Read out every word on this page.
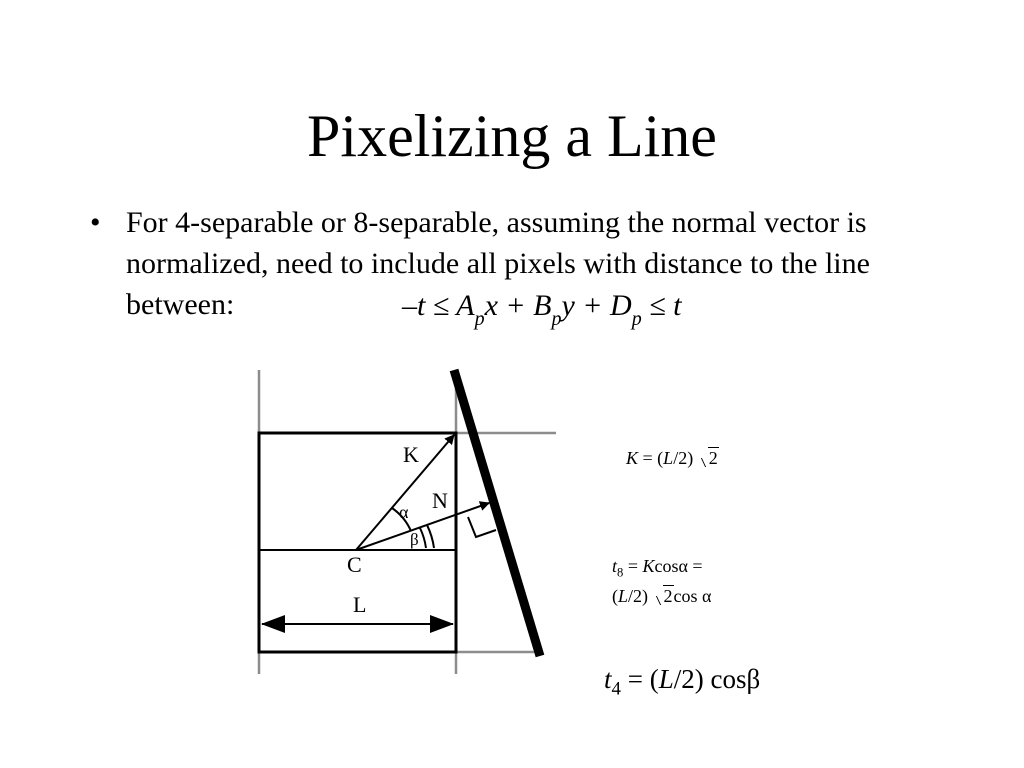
Pixelizing a Line
• For 4-separable or 8-separable, assuming the normal vector is normalized, need to include all pixels with distance to the line between:	$-t \le A_px + B_py + D_p \le t$
K
N
α
β
C
L
K = (L/2) 2
$t_8 = Kcos\alpha$ =
(L/2) 2cos α
$t_4 = (L/2)$ cosβ
